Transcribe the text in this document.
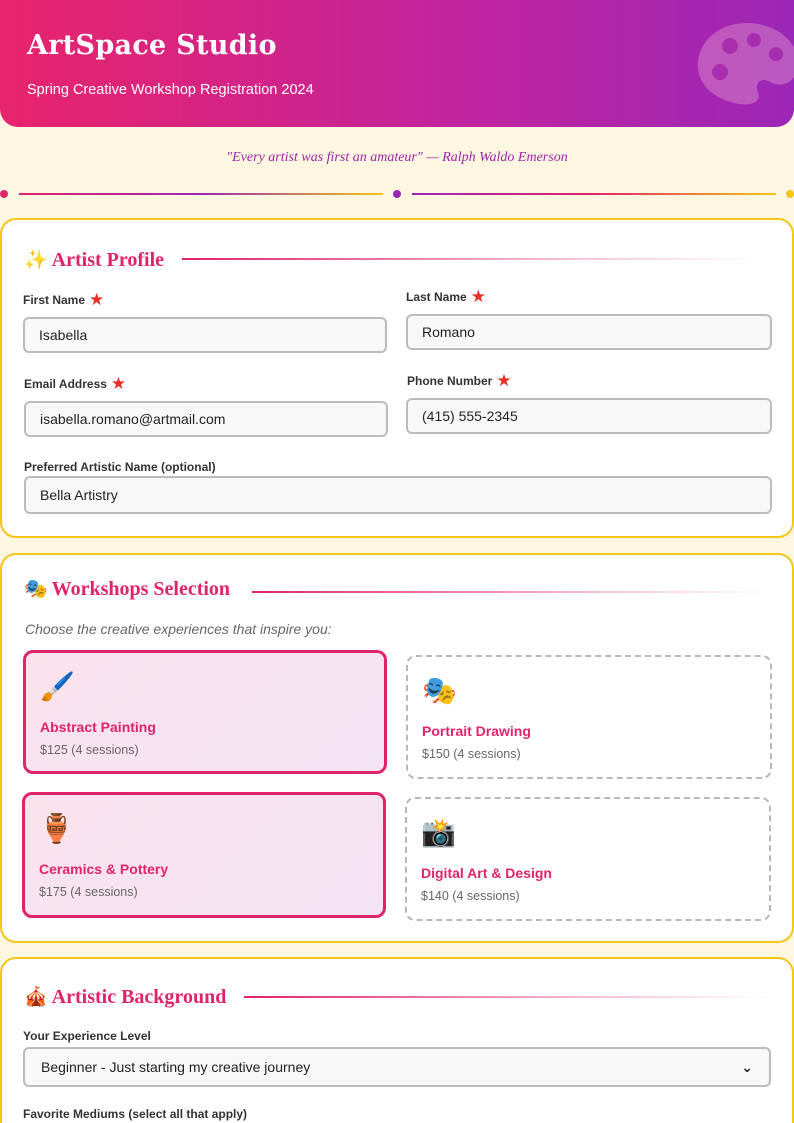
ArtSpace Studio
Spring Creative Workshop Registration 2024
"Every artist was first an amateur" — Ralph Waldo Emerson
✨ Artist Profile
First Name ★
Isabella
Last Name ★
Romano
Email Address ★
isabella.romano@artmail.com
Phone Number ★
(415) 555-2345
Preferred Artistic Name (optional)
Bella Artistry
🎭 Workshops Selection
Choose the creative experiences that inspire you:
🖌️
Abstract Painting
$125 (4 sessions)
🎭
Portrait Drawing
$150 (4 sessions)
🏺
Ceramics & Pottery
$175 (4 sessions)
📸
Digital Art & Design
$140 (4 sessions)
🎪 Artistic Background
Your Experience Level
Beginner - Just starting my creative journey	⌄
Favorite Mediums (select all that apply)
